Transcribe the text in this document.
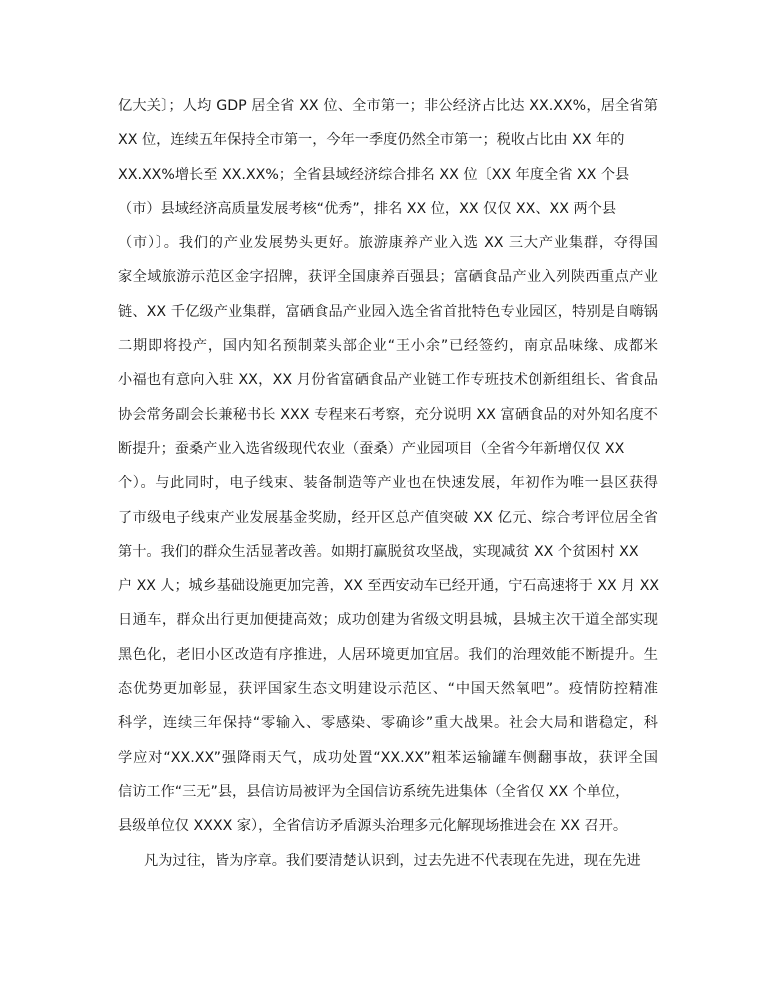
亿大关〕；人均 GDP 居全省 XX 位、全市第一；非公经济占比达 XX.XX%，居全省第
XX 位，连续五年保持全市第一，今年一季度仍然全市第一；税收占比由 XX 年的
XX.XX%增长至 XX.XX%；全省县域经济综合排名 XX 位〔XX 年度全省 XX 个县
（市）县域经济高质量发展考核“优秀”，排名 XX 位，XX 仅仅 XX、XX 两个县
（市）〕。我们的产业发展势头更好。旅游康养产业入选 XX 三大产业集群，夺得国
家全域旅游示范区金字招牌，获评全国康养百强县；富硒食品产业入列陕西重点产业
链、XX 千亿级产业集群，富硒食品产业园入选全省首批特色专业园区，特别是自嗨锅
二期即将投产，国内知名预制菜头部企业“王小余”已经签约，南京品味缘、成都米
小福也有意向入驻 XX，XX 月份省富硒食品产业链工作专班技术创新组组长、省食品
协会常务副会长兼秘书长 XXX 专程来石考察，充分说明 XX 富硒食品的对外知名度不
断提升；蚕桑产业入选省级现代农业（蚕桑）产业园项目（全省今年新增仅仅 XX
个）。与此同时，电子线束、装备制造等产业也在快速发展，年初作为唯一县区获得
了市级电子线束产业发展基金奖励，经开区总产值突破 XX 亿元、综合考评位居全省
第十。我们的群众生活显著改善。如期打赢脱贫攻坚战，实现减贫 XX 个贫困村 XX
户 XX 人；城乡基础设施更加完善，XX 至西安动车已经开通，宁石高速将于 XX 月 XX
日通车，群众出行更加便捷高效；成功创建为省级文明县城，县城主次干道全部实现
黑色化，老旧小区改造有序推进，人居环境更加宜居。我们的治理效能不断提升。生
态优势更加彰显，获评国家生态文明建设示范区、“中国天然氧吧”。疫情防控精准
科学，连续三年保持“零输入、零感染、零确诊”重大战果。社会大局和谐稳定，科
学应对“XX.XX”强降雨天气，成功处置“XX.XX”粗苯运输罐车侧翻事故，获评全国
信访工作“三无”县，县信访局被评为全国信访系统先进集体（全省仅 XX 个单位，
县级单位仅 XXXX 家），全省信访矛盾源头治理多元化解现场推进会在 XX 召开。
凡为过往，皆为序章。我们要清楚认识到，过去先进不代表现在先进，现在先进
